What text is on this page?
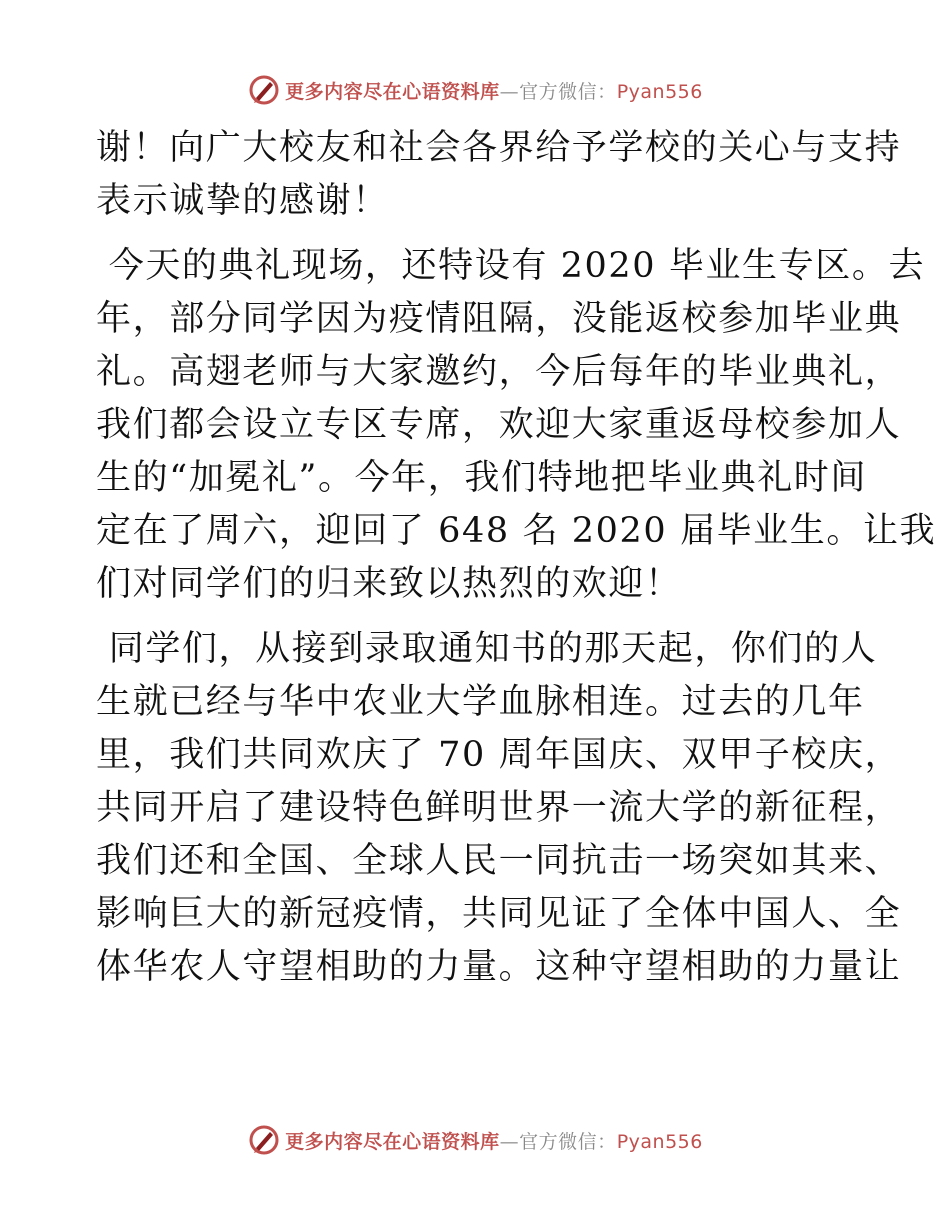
更多内容尽在心语资料库—官方微信：Pyan556
谢！向广大校友和社会各界给予学校的关心与支持
表示诚挚的感谢！
今天的典礼现场，还特设有 2020 毕业生专区。去
年，部分同学因为疫情阻隔，没能返校参加毕业典
礼。高翅老师与大家邀约，今后每年的毕业典礼，
我们都会设立专区专席，欢迎大家重返母校参加人
生的“加冕礼”。今年，我们特地把毕业典礼时间
定在了周六，迎回了 648 名 2020 届毕业生。让我
们对同学们的归来致以热烈的欢迎！
同学们，从接到录取通知书的那天起，你们的人
生就已经与华中农业大学血脉相连。过去的几年
里，我们共同欢庆了 70 周年国庆、双甲子校庆，
共同开启了建设特色鲜明世界一流大学的新征程，
我们还和全国、全球人民一同抗击一场突如其来、
影响巨大的新冠疫情，共同见证了全体中国人、全
体华农人守望相助的力量。这种守望相助的力量让
更多内容尽在心语资料库—官方微信：Pyan556
